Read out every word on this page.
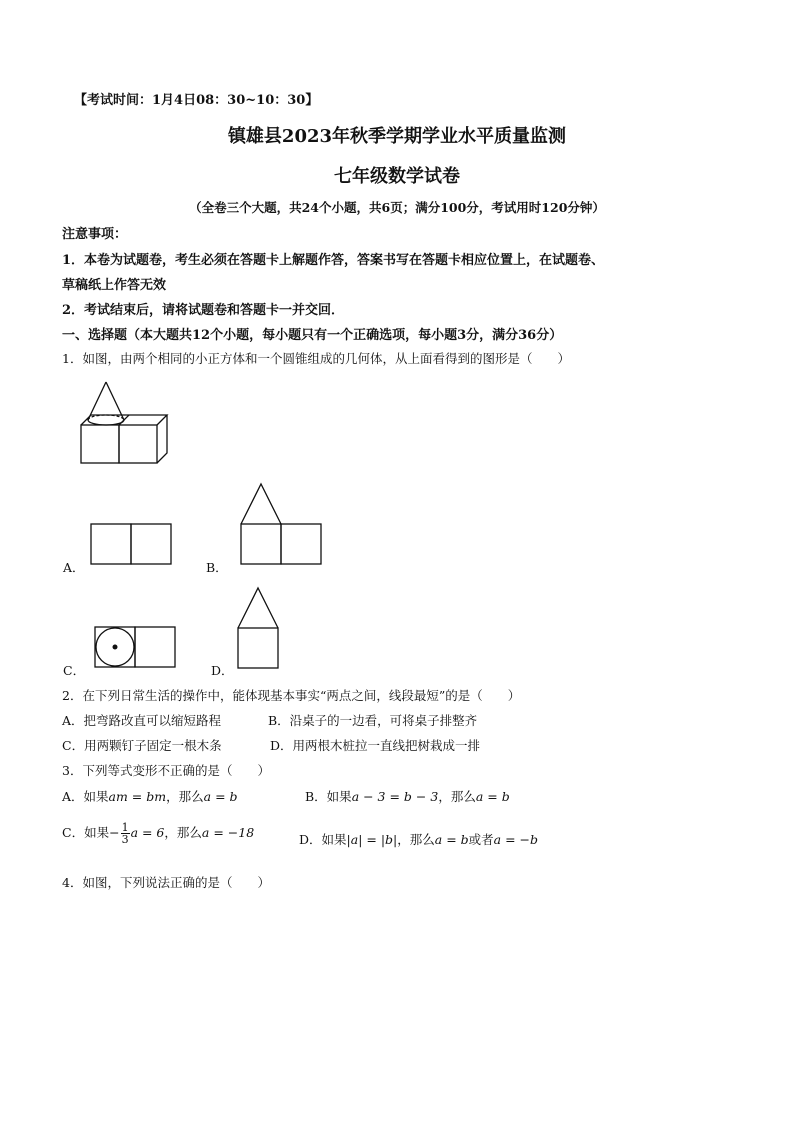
【考试时间：1月4日08：30~10：30】
镇雄县2023年秋季学期学业水平质量监测
七年级数学试卷
（全卷三个大题，共24个小题，共6页；满分100分，考试用时120分钟）
注意事项：
1．本卷为试题卷，考生必须在答题卡上解题作答，答案书写在答题卡相应位置上，在试题卷、
草稿纸上作答无效
2．考试结束后，请将试题卷和答题卡一并交回．
一、选择题（本大题共12个小题，每小题只有一个正确选项，每小题3分，满分36分）
1．如图，由两个相同的小正方体和一个圆锥组成的几何体，从上面看得到的图形是（　　）
A．	B．
C．	D．
2．在下列日常生活的操作中，能体现基本事实“两点之间，线段最短”的是（　　）
A．把弯路改直可以缩短路程	B．沿桌子的一边看，可将桌子排整齐
C．用两颗钉子固定一根木条	D．用两根木桩拉一直线把树栽成一排
3．下列等式变形不正确的是（　　）
A．如果am = bm，那么a = b	B．如果a − 3 = b − 3，那么a = b
C．如果− $\frac{1}{3}$ a = 6，那么a = −18	D．如果|a| = |b|，那么a = b或者a = −b
4．如图，下列说法正确的是（　　）
